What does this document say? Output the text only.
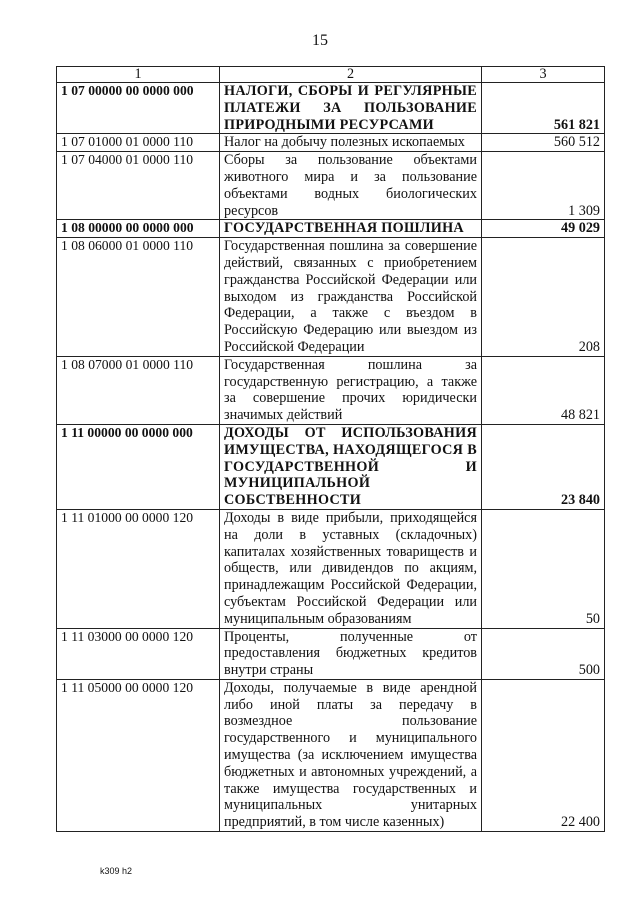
15
1	2	3
1 07 00000 00 0000 000	НАЛОГИ, СБОРЫ И РЕГУЛЯРНЫЕ ПЛАТЕЖИ ЗА ПОЛЬЗОВАНИЕ ПРИРОДНЫМИ РЕСУРСАМИ	561 821
1 07 01000 01 0000 110	Налог на добычу полезных ископаемых	560 512
1 07 04000 01 0000 110	Сборы за пользование объектами животного мира и за пользование объектами водных биологических ресурсов	1 309
1 08 00000 00 0000 000	ГОСУДАРСТВЕННАЯ ПОШЛИНА	49 029
1 08 06000 01 0000 110	Государственная пошлина за совершение действий, связанных с приобретением гражданства Российской Федерации или выходом из гражданства Российской Федерации, а также с въездом в Российскую Федерацию или выездом из Российской Федерации	208
1 08 07000 01 0000 110	Государственная пошлина за государственную регистрацию, а также за совершение прочих юридически значимых действий	48 821
1 11 00000 00 0000 000	ДОХОДЫ ОТ ИСПОЛЬЗОВАНИЯ ИМУЩЕСТВА, НАХОДЯЩЕГОСЯ В ГОСУДАРСТВЕННОЙ И МУНИЦИПАЛЬНОЙ СОБСТВЕННОСТИ	23 840
1 11 01000 00 0000 120	Доходы в виде прибыли, приходящейся на доли в уставных (складочных) капиталах хозяйственных товариществ и обществ, или дивидендов по акциям, принадлежащим Российской Федерации, субъектам Российской Федерации или муниципальным образованиям	50
1 11 03000 00 0000 120	Проценты, полученные от предоставления бюджетных кредитов внутри страны	500
1 11 05000 00 0000 120	Доходы, получаемые в виде арендной либо иной платы за передачу в возмездное пользование государственного и муниципального имущества (за исключением имущества бюджетных и автономных учреждений, а также имущества государственных и муниципальных унитарных предприятий, в том числе казенных)	22 400
k309 h2
